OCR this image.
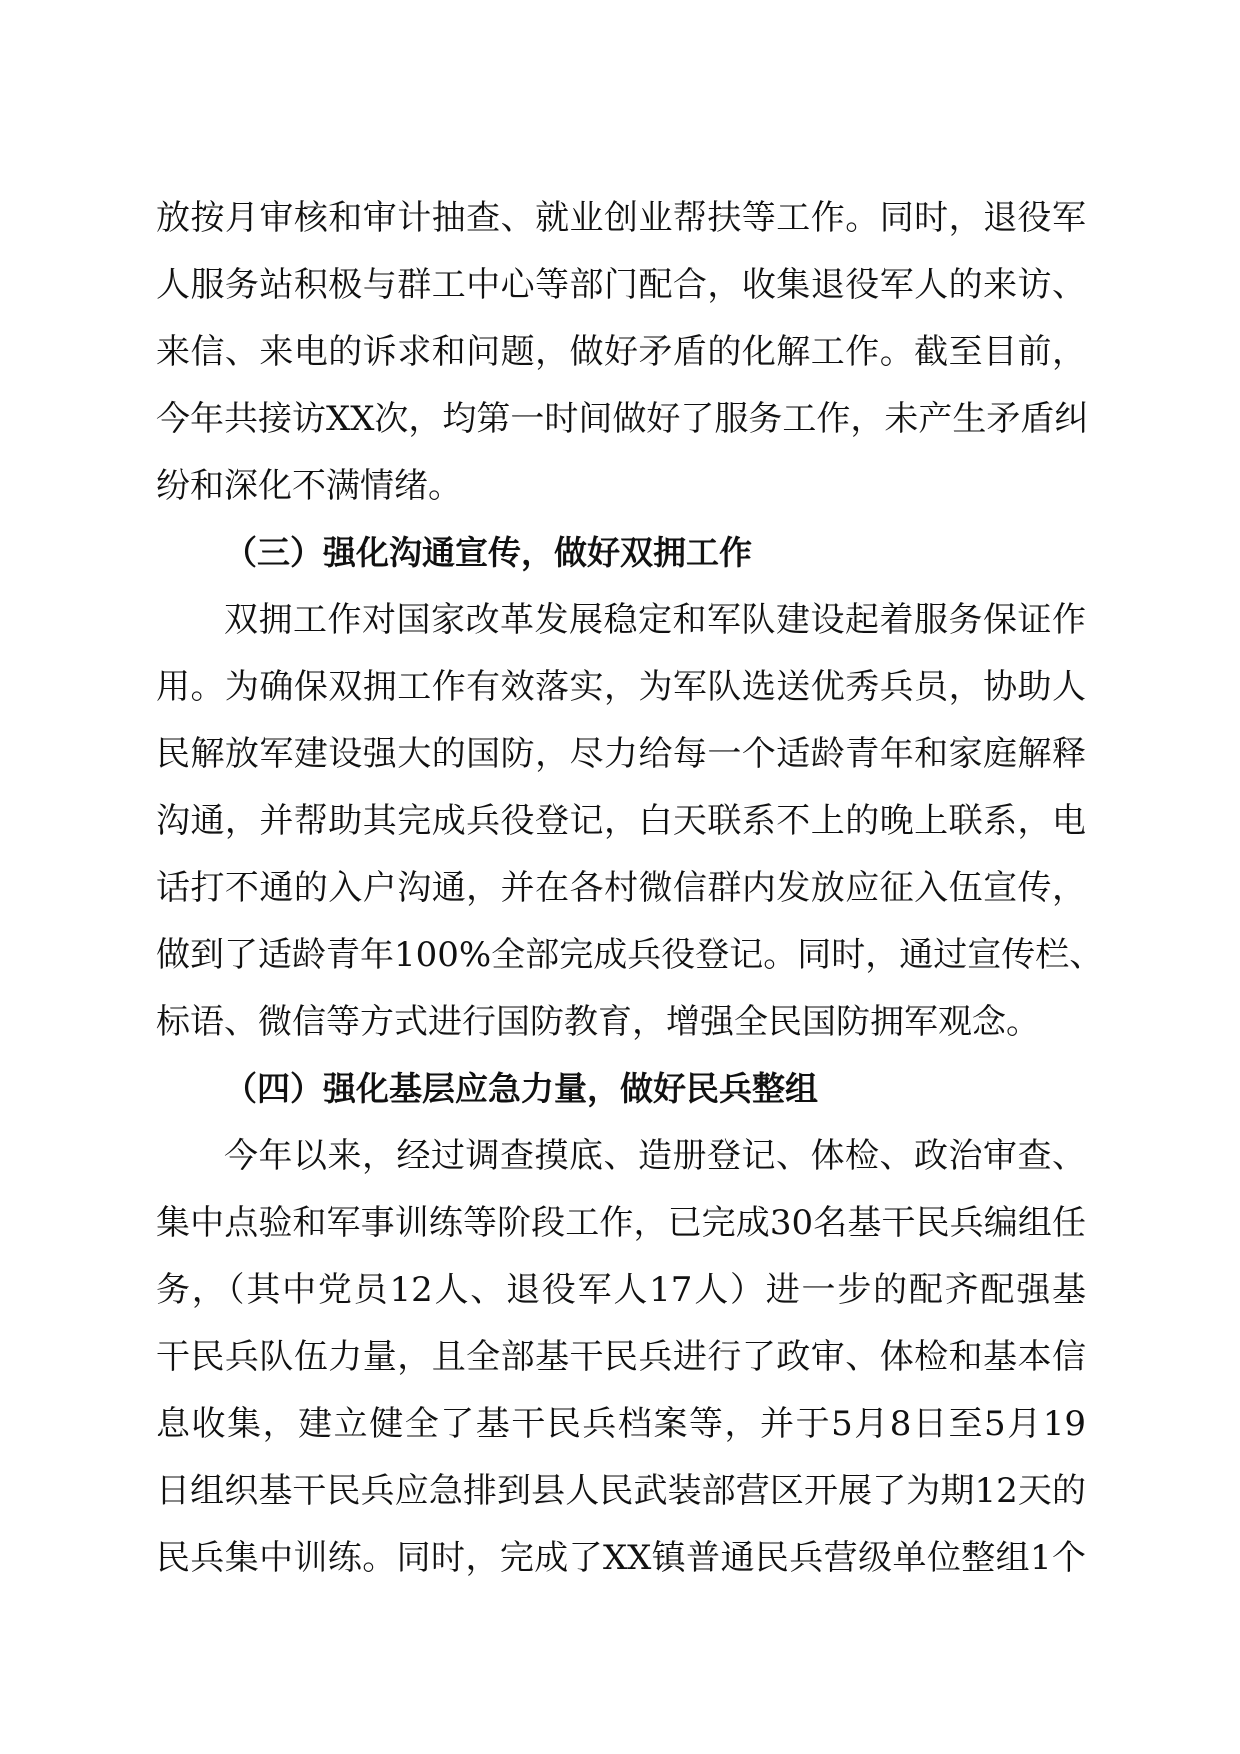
放按月审核和审计抽查、就业创业帮扶等工作。同时，退役军
人服务站积极与群工中心等部门配合，收集退役军人的来访、
来信、来电的诉求和问题，做好矛盾的化解工作。截至目前，
今年共接访XX次，均第一时间做好了服务工作，未产生矛盾纠
纷和深化不满情绪。
（三）强化沟通宣传，做好双拥工作
双拥工作对国家改革发展稳定和军队建设起着服务保证作
用。为确保双拥工作有效落实，为军队选送优秀兵员，协助人
民解放军建设强大的国防，尽力给每一个适龄青年和家庭解释
沟通，并帮助其完成兵役登记，白天联系不上的晚上联系，电
话打不通的入户沟通，并在各村微信群内发放应征入伍宣传，
做到了适龄青年100%全部完成兵役登记。同时，通过宣传栏、
标语、微信等方式进行国防教育，增强全民国防拥军观念。
（四）强化基层应急力量，做好民兵整组
今年以来，经过调查摸底、造册登记、体检、政治审查、
集中点验和军事训练等阶段工作，已完成30名基干民兵编组任
务，（其中党员12人、退役军人17人）进一步的配齐配强基
干民兵队伍力量，且全部基干民兵进行了政审、体检和基本信
息收集，建立健全了基干民兵档案等，并于5月8日至5月19
日组织基干民兵应急排到县人民武装部营区开展了为期12天的
民兵集中训练。同时，完成了XX镇普通民兵营级单位整组1个
